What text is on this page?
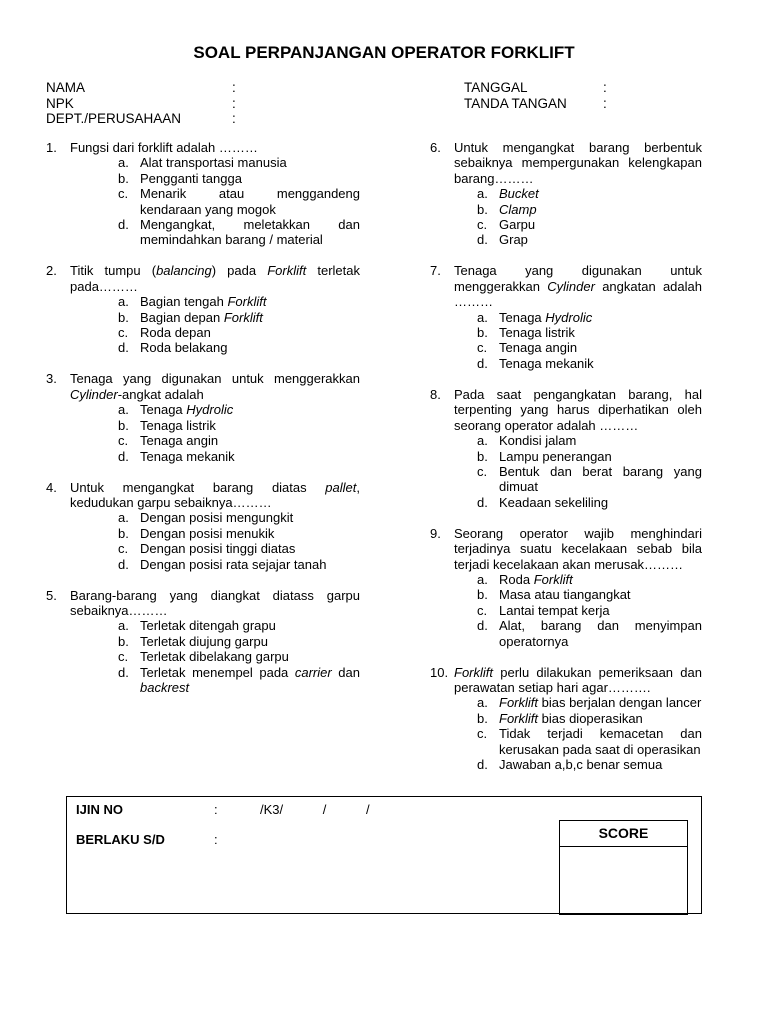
SOAL PERPANJANGAN OPERATOR FORKLIFT
NAMA	:
NPK	:
DEPT./PERUSAHAAN	:
TANGGAL	:
TANDA TANGAN	:
1.	Fungsi dari forklift adalah ………
a. Alat transportasi manusia
b. Pengganti tangga
c. Menarik atau menggandeng kendaraan yang mogok
d. Mengangkat, meletakkan dan memindahkan barang / material
2.	Titik tumpu (balancing) pada Forklift terletak pada………
a. Bagian tengah Forklift
b. Bagian depan Forklift
c. Roda depan
d. Roda belakang
3.	Tenaga yang digunakan untuk menggerakkan Cylinder-angkat adalah
a. Tenaga Hydrolic
b. Tenaga listrik
c. Tenaga angin
d. Tenaga mekanik
4.	Untuk mengangkat barang diatas pallet, kedudukan garpu sebaiknya………
a. Dengan posisi mengungkit
b. Dengan posisi menukik
c. Dengan posisi tinggi diatas
d. Dengan posisi rata sejajar tanah
5.	Barang-barang yang diangkat diatass garpu sebaiknya………
a. Terletak ditengah grapu
b. Terletak diujung garpu
c. Terletak dibelakang garpu
d. Terletak menempel pada carrier dan backrest
6.	Untuk mengangkat barang berbentuk sebaiknya mempergunakan kelengkapan barang………
a. Bucket
b. Clamp
c. Garpu
d. Grap
7.	Tenaga yang digunakan untuk menggerakkan Cylinder angkatan adalah ………
a. Tenaga Hydrolic
b. Tenaga listrik
c. Tenaga angin
d. Tenaga mekanik
8.	Pada saat pengangkatan barang, hal terpenting yang harus diperhatikan oleh seorang operator adalah ………
a. Kondisi jalam
b. Lampu penerangan
c. Bentuk dan berat barang yang dimuat
d. Keadaan sekeliling
9.	Seorang operator wajib menghindari terjadinya suatu kecelakaan sebab bila terjadi kecelakaan akan merusak………
a. Roda Forklift
b. Masa atau tiangangkat
c. Lantai tempat kerja
d. Alat, barang dan menyimpan operatornya
10. Forklift perlu dilakukan pemeriksaan dan perawatan setiap hari agar……….
a. Forklift bias berjalan dengan lancer
b. Forklift bias dioperasikan
c. Tidak terjadi kemacetan dan kerusakan pada saat di operasikan
d. Jawaban a,b,c benar semua
IJIN NO	:	/K3/ / /
BERLAKU S/D	:	SCORE
